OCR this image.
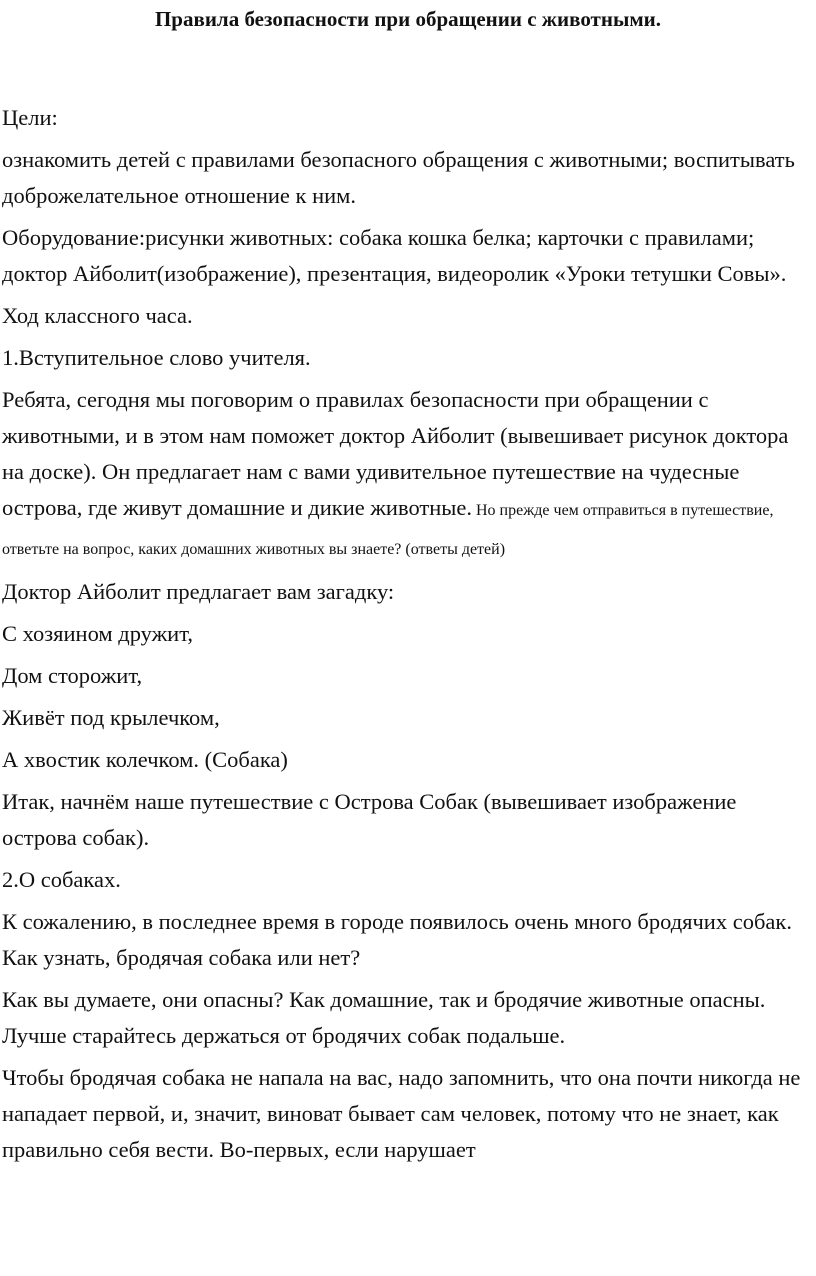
Правила безопасности при обращении с животными.

Цели:

ознакомить детей с правилами безопасного обращения с животными; воспитывать доброжелательное отношение к ним.

Оборудование:рисунки животных: собака кошка белка; карточки с правилами; доктор Айболит(изображение), презентация, видеоролик «Уроки тетушки Совы».

Ход классного часа.

1.Вступительное слово учителя.

Ребята, сегодня мы поговорим о правилах безопасности при обращении с животными, и в этом нам поможет доктор Айболит (вывешивает рисунок доктора на доске). Он предлагает нам с вами удивительное путешествие на чудесные острова, где живут домашние и дикие животные. Но прежде чем отправиться в путешествие, ответьте на вопрос, каких домашних животных вы знаете? (ответы детей)

Доктор Айболит предлагает вам загадку:

С хозяином дружит,

Дом сторожит,

Живёт под крылечком,

А хвостик колечком. (Собака)

Итак, начнём наше путешествие с Острова Собак (вывешивает изображение острова собак).

2.О собаках.

К сожалению, в последнее время в городе появилось очень много бродячих собак. Как узнать, бродячая собака или нет?

Как вы думаете, они опасны? Как домашние, так и бродячие животные опасны. Лучше старайтесь держаться от бродячих собак подальше.

Чтобы бродячая собака не напала на вас, надо запомнить, что она почти никогда не нападает первой, и, значит, виноват бывает сам человек, потому что не знает, как правильно себя вести. Во-первых, если нарушает
